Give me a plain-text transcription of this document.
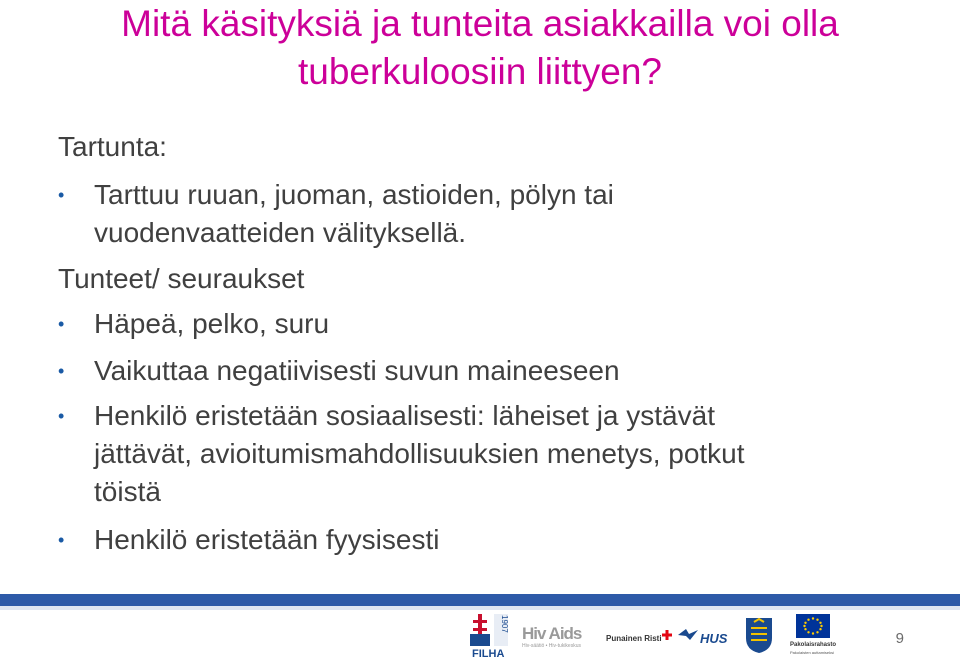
Mitä käsityksiä ja tunteita asiakkailla voi olla
tuberkuloosiin liittyen?
Tartunta:
• Tarttuu ruuan, juoman, astioiden, pölyn tai
vuodenvaatteiden välityksellä.
Tunteet/ seuraukset
• Häpeä, pelko, suru
• Vaikuttaa negatiivisesti suvun maineeseen
• Henkilö eristetään sosiaalisesti: läheiset ja ystävät
jättävät, avioitumismahdollisuuksien menetys, potkut
töistä
• Henkilö eristetään fyysisesti
1907
FILHA
Hiv Aids
Hiv-säätiö • Hiv-tukikeskus
Punainen Risti	HUS	Pakolaisrahasto
Pakolaisten auttamiseksi
9
